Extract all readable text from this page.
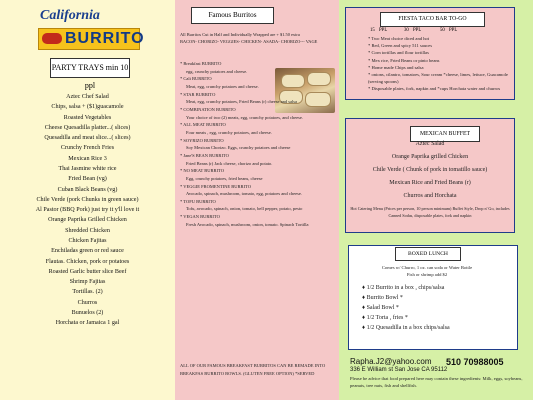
California
BURRITO
PARTY TRAYS min 10 ppl
Aztec Chef Salad
Chips, salsa + ($1)guacamole
Roasted Vegetables
Cheese Quesadilla platter...( slices)
Quesadilla and meat slice...( slices)
Crunchy French Fries
Mexican Rice 3
Thai Jasmine white rice
Fried Bean (vg)
Cuban Black Beans (vg)
Chile Verde (pork Chunks in green sauce)
Al Pastor (BBQ Pork) just try it y'll love it
Orange Paprika Grilled Chicken
Shredded Chicken
Chicken Fajitas
Enchiladas green or red sauce
Flautas. Chicken, pork or potatoes
Roasted Garlic butter slice Beef
Shrimp Fajitas
Tortillas. (2)
Churros
Bunuelos (2)
Horchata or Jamaica 1 gal
Famous Burritos
All Burritos Cut in Half and Individually Wrapped are + $1.50 extra
BACON- CHORIZO- VEGGIES- CHICKEN- ASADA- CHORIZO--- VAGE
* Breakfast BURRITO
egg, crunchy potatoes and cheese.
* Cali BURRITO
Meat, egg, crunchy potatoes and cheese.
* STAR BURRITO
Meat, egg, crunchy potatoes, Fried Beans (r) cheese and salsa
* COMBINATION BURRITO
Your choice of two (2) meats, egg, crunchy potatoes, and cheese.
* ALL MEAT BURRITO
Four meats , egg, crunchy potatoes, and cheese.
* SOYRIZO BURRITO
Soy Mexican Chorizo. Eggs, crunchy potatoes and cheese
* Jane'S BEAN BURRITO
Fried Beans (r) Jack cheese, chorizo and potato.
* NO MEAT BURRITO
Egg, crunchy potatoes, fried beans, cheese
* VEGGIE FROMENTINE BURRITO
Avocado, spinach, mushroom, tomato, egg, potatoes and cheese.
* TOFU BURRITO
Tofu, avocado, spinach, onion, tomato, bell pepper, potato, pesto
* VEGAN BURRITO
Fresh Avocado, spinach, mushroom, onion, tomato. Spinach Tortilla
ALL OF OUR FAMOUS BREAKFAST BURRITOS CAN BE REMADE INTO
BREAKFAS BURRITO BOWLS. (GLUTEN FREE OPTION) *SERVED
FIESTA TACO BAR TO-GO
15 PPL	30 PPL	50 PPL
* Two Meat choice diced and hot
* Red, Green and spicy 511 sauces
* Corn tortillas and flour tortillas
* Mex rice, Fried Beans or pinto beans
* Home made Chips and salsa
* onions, cilantro, tomatoes, Sour cream *cheese, limes, lettuce, Guacamole (serving spoons)
* Disposable plates, fork, napkin and *cups Horchata water and churros
MEXICAN BUFFET
Aztec Salad
Orange Paprika grilled Chicken
Chile Verde ( Chunk of pork in tomatillo sauce)
Mexican Rice and Fried Beans (r)
Churros and Horchata
Hot Catering Menu (Prices per person, 10 person minimum) Buffet Style, Drop n' Go, includes Canned Sodas, disposable plates, fork and napkin
BOXED LUNCH
Comes w/ Churro, 1 oz. can soda or Water Bottle
Fish or shrimp add $2
♦ 1/2 Burrito in a box , chips/salsa
♦ Burrito Bowl *
♦ Salad Bowl *
♦ 1/2 Torta , fries *
♦ 1/2 Quesadilla in a box chips/salsa
Rapha.J2@yahoo.com 510 70988005
336 E William st San Jose CA 95112
Please be advice that food prepared here may contain these ingredients: Milk, eggs, soybeans, peanuts, tree nuts, fish and shellfish.
